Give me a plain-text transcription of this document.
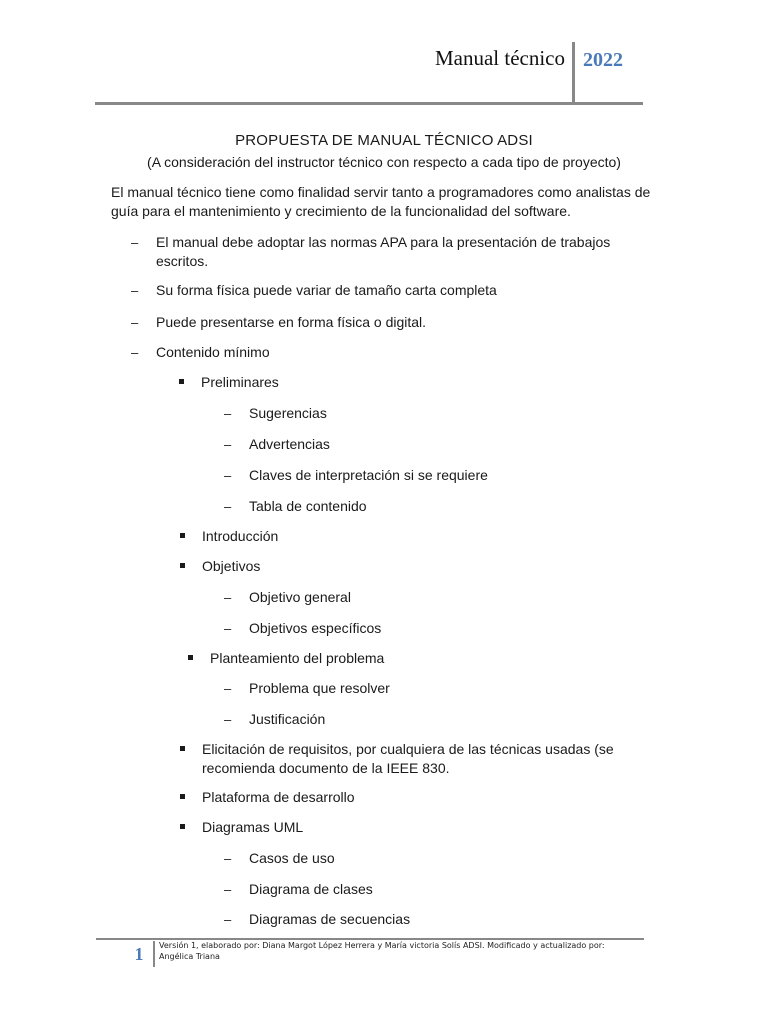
Manual técnico 2022
PROPUESTA DE MANUAL TÉCNICO ADSI
(A consideración del instructor técnico con respecto a cada tipo de proyecto)
El manual técnico tiene como finalidad servir tanto a programadores como analistas de guía para el mantenimiento y crecimiento de la funcionalidad del software.
– El manual debe adoptar las normas APA para la presentación de trabajos escritos.
– Su forma física puede variar de tamaño carta completa
– Puede presentarse en forma física o digital.
– Contenido mínimo
Preliminares
– Sugerencias
– Advertencias
– Claves de interpretación si se requiere
– Tabla de contenido
Introducción
Objetivos
– Objetivo general
– Objetivos específicos
Planteamiento del problema
– Problema que resolver
– Justificación
Elicitación de requisitos, por cualquiera de las técnicas usadas (se recomienda documento de la IEEE 830.
Plataforma de desarrollo
Diagramas UML
– Casos de uso
– Diagrama de clases
– Diagramas de secuencias
1	Versión 1, elaborado por: Diana Margot López Herrera y María victoria Solís ADSI. Modificado y actualizado por: Angélica Triana
